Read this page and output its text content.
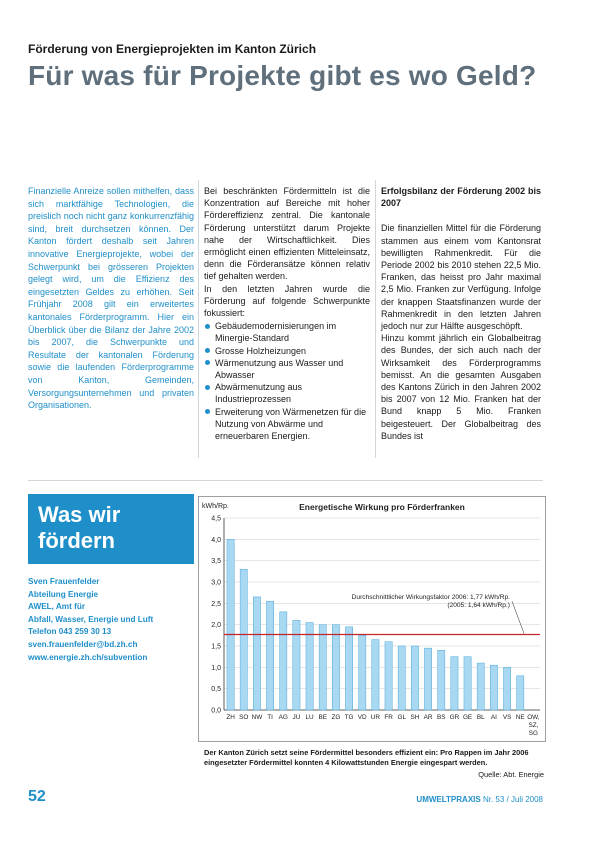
Förderung von Energieprojekten im Kanton Zürich
Für was für Projekte gibt es wo Geld?
Finanzielle Anreize sollen mithelfen, dass sich marktfähige Technologien, die preislich noch nicht ganz konkurrenzfähig sind, breit durchsetzen können. Der Kanton fördert deshalb seit Jahren innovative Energieprojekte, wobei der Schwerpunkt bei grösseren Projekten gelegt wird, um die Effizienz des eingesetzten Geldes zu erhöhen. Seit Frühjahr 2008 gilt ein erweitertes kantonales Förderprogramm. Hier ein Überblick über die Bilanz der Jahre 2002 bis 2007, die Schwerpunkte und Resultate der kantonalen Förderung sowie die laufenden Förderprogramme von Kanton, Gemeinden, Versorgungsunternehmen und privaten Organisationen.

Bei beschränkten Fördermitteln ist die Konzentration auf Bereiche mit hoher Fördereffizienz zentral. Die kantonale Förderung unterstützt darum Projekte nahe der Wirtschaftlichkeit. Dies ermöglicht einen effizienten Mitteleinsatz, denn die Förderansätze können relativ tief gehalten werden.

In den letzten Jahren wurde die Förderung auf folgende Schwerpunkte fokussiert:

Gebäudemodernisierungen im Minergie-Standard
Grosse Holzheizungen
Wärmenutzung aus Wasser und Abwasser
Abwärmenutzung aus Industrieprozessen
Erweiterung von Wärmenetzen für die Nutzung von Abwärme und erneuerbaren Energien.
Erfolgsbilanz der Förderung 2002 bis 2007

Die finanziellen Mittel für die Förderung stammen aus einem vom Kantonsrat bewilligten Rahmenkredit. Für die Periode 2002 bis 2010 stehen 22,5 Mio. Franken, das heisst pro Jahr maximal 2,5 Mio. Franken zur Verfügung. Infolge der knappen Staatsfinanzen wurde der Rahmenkredit in den letzten Jahren jedoch nur zur Hälfte ausgeschöpft.

Hinzu kommt jährlich ein Globalbeitrag des Bundes, der sich auch nach der Wirksamkeit des Förderprogramms bemisst. An die gesamten Ausgaben des Kantons Zürich in den Jahren 2002 bis 2007 von 12 Mio. Franken hat der Bund knapp 5 Mio. Franken beigesteuert. Der Globalbeitrag des Bundes ist

Was wir
fördern
Sven Frauenfelder
Abteilung Energie
AWEL, Amt für
Abfall, Wasser, Energie und Luft
Telefon 043 259 30 13
sven.frauenfelder@bd.zh.ch
www.energie.zh.ch/subvention
kWh/Rp.	Energetische Wirkung pro Förderfranken
0,0
0,5
1,0
1,5
2,0
2,5
3,0
3,5
4,0
4,5
ZH SO NW TI AG JU LU BE ZG TG VD UR FR GL SH AR BS GR GE BL AI VS NE OW,
SZ,
SG
Durchschnittlicher Wirkungsfaktor 2006: 1,77 kWh/Rp.
(2005: 1,64 kWh/Rp.)
Der Kanton Zürich setzt seine Fördermittel besonders effizient ein: Pro Rappen im Jahr 2006 eingesetzter Fördermittel konnten 4 Kilowattstunden Energie eingespart werden.
Quelle: Abt. Energie
52	UMWELTPRAXIS Nr. 53 / Juli 2008
